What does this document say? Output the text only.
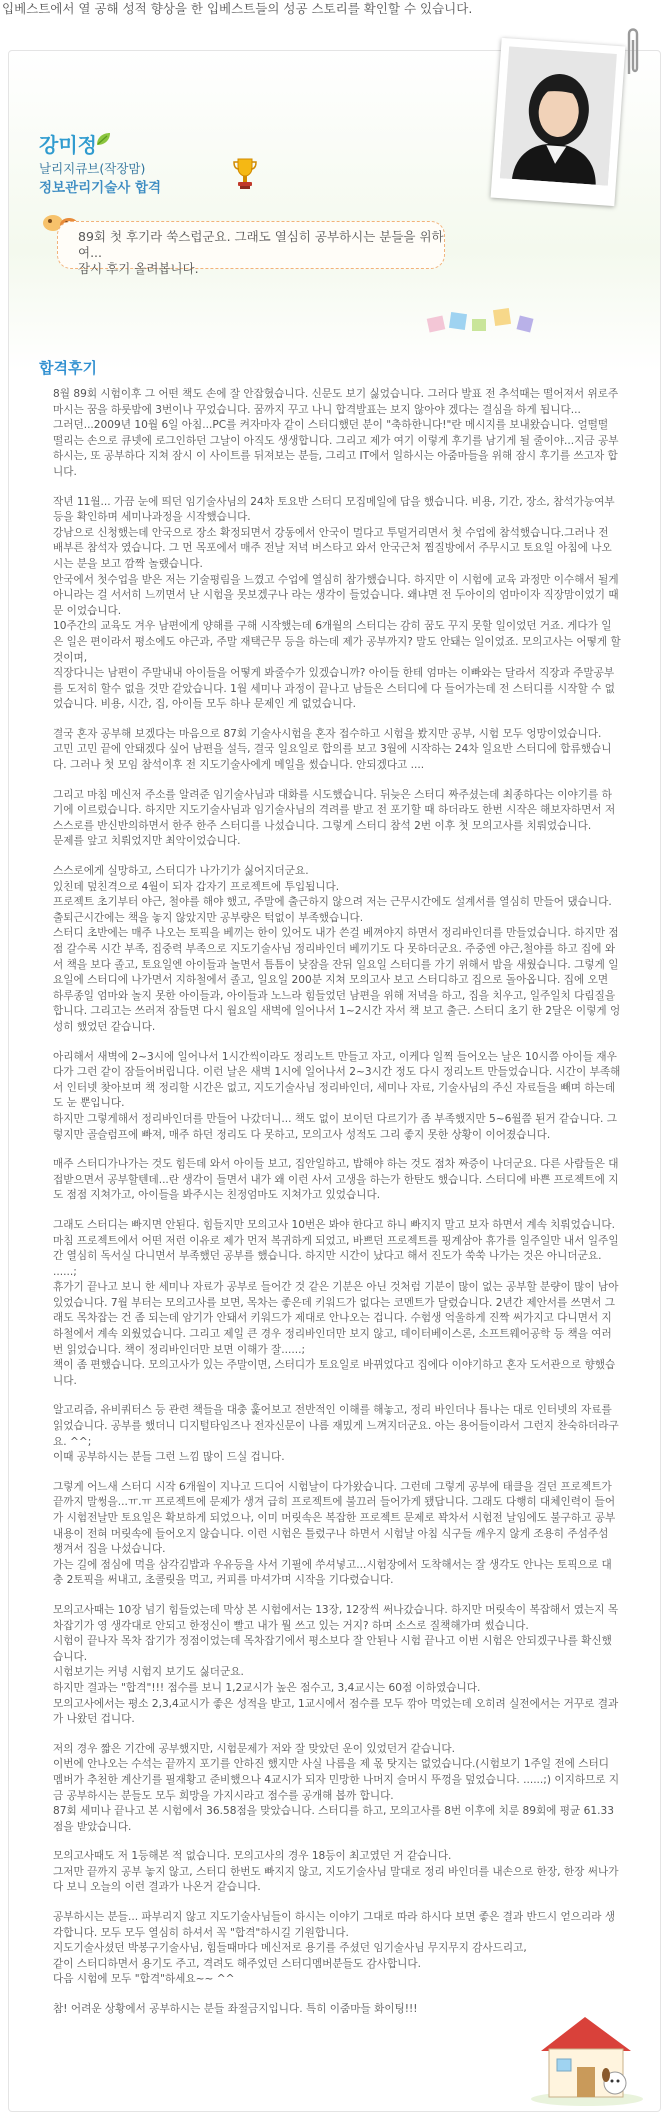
입베스트에서 열 공해 성적 향상을 한 입베스트들의 성공 스토리를 확인할 수 있습니다.
강미정
날리지큐브(작장맘)
정보관리기술사 합격
89회 첫 후기라 쑥스럽군요. 그래도 열심히 공부하시는 분들을 위하여...
잠시 후기 올려봅니다.
합격후기

8월 89회 시험이후 그 어떤 책도 손에 잘 안잡혔습니다. 신문도 보기 싫었습니다. 그러다 발표 전 추석때는 떨어져서 위로주 마시는 꿈을 하룻밤에 3번이나 꾸었습니다. 꿈까지 꾸고 나니 합격발표는 보지 않아야 겠다는 결심을 하게 됩니다...
그러던...2009년 10월 6일 아침...PC를 켜자마자 같이 스터디했던 분이 "축하한니다!"란 메시지를 보내왔습니다. 얼떨떨 떨리는 손으로 큐넷에 로그인하던 그날이 아직도 생생합니다. 그리고 제가 여기 이렇게 후기를 남기게 될 줄이야...지금 공부하시는, 또 공부하다 지쳐 잠시 이 사이트를 뒤져보는 분들, 그리고 IT에서 일하시는 아줌마들을 위해 잠시 후기를 쓰고자 합니다.

작년 11월... 가끔 눈에 띄던 임기술사님의 24차 토요반 스터디 모집메일에 답을 했습니다. 비용, 기간, 장소, 참석가능여부 등을 확인하며 세미나과정을 시작했습니다.
강남으로 신청했는데 안국으로 장소 확정되면서 강동에서 안국이 멀다고 투덜거리면서 첫 수업에 참석했습니다.그러나 전 배부른 참석자 였습니다. 그 먼 목포에서 매주 전날 저녁 버스타고 와서 안국근처 찜질방에서 주무시고 토요일 아침에 나오시는 분을 보고 깜짝 놀랬습니다.
안국에서 첫수업을 받은 저는 기술평림을 느꼈고 수업에 열심히 참가했습니다. 하지만 이 시험에 교육 과정만 이수해서 될게 아니라는 걸 서서히 느끼면서 난 시험을 못보겠구나 라는 생각이 들었습니다. 왜냐면 전 두아이의 엄마이자 직장맘이었기 때문 이었습니다.
10주간의 교육도 겨우 남편에게 양해를 구해 시작했는데 6개월의 스터디는 감히 꿈도 꾸지 못할 일이었던 거죠. 게다가 일은 일은 편이라서 평소에도 야근과, 주말 재택근무 등을 하는데 제가 공부까지? 말도 안돼는 일이었죠. 모의고사는 어떻게 할것이며,
직장다니는 남편이 주말내내 아이들을 어떻게 봐줄수가 있겠습니까? 아이들 한테 엄마는 이빠와는 달라서 직장과 주말공부를 도저히 할수 없을 것만 같았습니다. 1월 세미나 과정이 끝나고 남들은 스터디에 다 들어가는데 전 스터디를 시작할 수 없었습니다. 비용, 시간, 집, 아이들 모두 하나 문제인 게 없었습니다.

결국 혼자 공부해 보겠다는 마음으로 87회 기술사시험을 혼자 접수하고 시험을 봤지만 공부, 시험 모두 엉망이었습니다.
고민 고민 끝에 안돼겠다 싶어 남편을 설득, 결국 일요일로 합의를 보고 3월에 시작하는 24차 일요반 스터디에 합류했습니다. 그러나 첫 모임 참석이후 전 지도기술사에게 메일을 썼습니다. 안되겠다고 ....

그리고 마침 메신저 주소를 알려준 임기술사님과 대화를 시도했습니다. 뒤늦은 스터디 짜주셨는데 최종하다는 이야기를 하기에 이르렀습니다. 하지만 지도기술사님과 임기술사님의 격려를 받고 전 포기할 때 하더라도 한번 시작은 해보자하면서 저 스스로를 반신반의하면서 한주 한주 스터디를 나섰습니다. 그렇게 스터디 참석 2번 이후 첫 모의고사를 치뤄었습니다.
문제를 앞고 치뤄었지만 최악이었습니다.

스스로에게 실망하고, 스터디가 나가기가 싫어지더군요.
있친데 덮친격으로 4월이 되자 갑자기 프로젝트에 투입됩니다.
프로젝트 초기부터 야근, 철야를 해야 했고, 주말에 출근하지 않으려 저는 근무시간에도 설계서를 열심히 만들어 댔습니다.
출퇴근시간에는 책을 놓지 않았지만 공부량은 턱없이 부족했습니다.
스터디 초반에는 매주 나오는 토픽을 베끼는 한이 있어도 내가 쓴걸 베껴야지 하면서 정리바인더를 만들었습니다. 하지만 점점 갈수록 시간 부족, 집중력 부족으로 지도기술사님 정리바인더 베끼기도 다 못하더군요. 주중엔 야근,철야를 하고 집에 와서 책을 보다 졸고, 토요일엔 아이들과 놀면서 틈틈이 낮잠을 잔뒤 일요일 스터디를 가기 위해서 밤을 새웠습니다. 그렇게 일요일에 스터디에 나가면서 지하철에서 졸고, 일요일 200분 지쳐 모의고사 보고 스터디하고 집으로 돌아옵니다. 집에 오면 하루종일 엄마와 놀지 못한 아이들과, 아이들과 노느라 힘들었던 남편을 위해 저녁을 하고, 집을 치우고, 일주일치 다림질을 합니다. 그리고는 쓰러져 잠들면 다시 월요일 새벽에 일어나서 1~2시간 자서 책 보고 출근. 스터디 초기 한 2달은 이렇게 엉성히 했었던 같습니다.

아리해서 새벽에 2~3시에 일어나서 1시간씩이라도 정리노트 만들고 자고, 이케다 일찍 들어오는 날은 10시쯤 아이들 재우다가 그런 같이 잠들어버립니다. 이런 날은 새벽 1시에 일어나서 2~3시간 정도 다시 정리노트 만들었습니다. 시간이 부족해서 인터넷 찾아보며 책 정리할 시간은 없고, 지도기술사님 정리바인더, 세미나 자료, 기술사님의 주신 자료들을 빼며 하는데도 눈 뿐입니다.
하지만 그렇게해서 정리바인더를 만들어 나갔더니... 책도 없이 보이던 다르기가 좀 부족했지만 5~6월쯤 된거 같습니다. 그렇지만 골슬럼프에 빠져, 매주 하던 정리도 다 못하고, 모의고사 성적도 그리 좋지 못한 상황이 이어졌습니다.

매주 스터디가나가는 것도 힘든데 와서 아이들 보고, 집안일하고, 밥해야 하는 것도 점차 짜증이 나더군요. 다른 사람들은 대접받으면서 공부할텐데...란 생각이 들면서 내가 왜 이런 사서 고생을 하는가 한탄도 했습니다. 스터디에 바쁜 프로젝트에 지도 점점 지쳐가고, 아이들을 봐주시는 친정엄마도 지쳐가고 있었습니다.

그래도 스터디는 빠지면 안된다. 힘들지만 모의고사 10번은 봐야 한다고 하니 빠지지 말고 보자 하면서 계속 치뤄었습니다.
마침 프로젝트에서 어떤 저런 이유로 제가 먼저 복귀하게 되었고, 바쁘던 프로젝트를 핑계삼아 휴가를 일주일만 내서 일주일간 열심히 독서실 다니면서 부족했던 공부를 했습니다. 하지만 시간이 났다고 해서 진도가 쑥쑥 나가는 것은 아니더군요. ......;
휴가기 끝나고 보니 한 세미나 자료가 공부로 들어간 것 같은 기분은 아닌 것처럼 기분이 많이 없는 공부할 분량이 많이 남아 있었습니다. 7월 부터는 모의고사를 보면, 목차는 좋은데 키워드가 없다는 코멘트가 달렸습니다. 2년간 제안서를 쓰면서 그래도 목차잡는 건 좀 되는데 암기가 안돼서 키워드가 제대로 안나오는 겁니다. 수험생 억울하게 진짝 써가지고 다니면서 지하철에서 계속 외웠었습니다. 그리고 제일 큰 경우 정리바인더만 보지 않고, 데이터베이스론, 소프트웨어공학 등 책을 여러번 읽었습니다. 책이 정리바인더만 보면 이해가 잘......;
책이 좀 편했습니다. 모의고사가 있는 주말이면, 스터디가 토요일로 바뀌었다고 집에다 이야기하고 혼자 도서관으로 향했습니다.

알고리즘, 유비쿼터스 등 관련 책들을 대충 훑어보고 전반적인 이해를 해놓고, 정리 바인더나 틈나는 대로 인터넷의 자료를 읽었습니다. 공부를 했더니 디지털타임즈나 전자신문이 나름 재밌게 느껴지더군요. 아는 용어들이라서 그런지 찬숙하더라구요. ^^;
이때 공부하시는 분들 그런 느낌 많이 드실 겁니다.

그렇게 어느새 스터디 시작 6개월이 지나고 드디어 시험날이 다가왔습니다. 그런데 그렇게 공부에 태클을 걸던 프로젝트가 끝까지 말썽을...ㅠ.ㅠ 프로젝트에 문제가 생겨 급히 프로젝트에 불끄러 들어가게 됐답니다. 그래도 다행히 대체인력이 들어가 시험전날만 토요일은 확보하게 되었으나, 이미 머릿속은 복잡한 프로젝트 문제로 꽉차서 시험전 날임에도 불구하고 공부내용이 전혀 머릿속에 들어오지 않습니다. 이런 시험은 틀렸구나 하면서 시험날 아침 식구들 깨우지 않게 조용히 주섬주섬 챙겨서 집을 나섰습니다.
가는 길에 점심에 먹을 삼각김밥과 우유등을 사서 기필에 쑤셔넣고...시험장에서 도착해서는 잘 생각도 안나는 토픽으로 대충 2토픽을 써내고, 초콜릿을 먹고, 커피를 마셔가며 시작을 기다렸습니다.

모의고사때는 10장 넘기 힘들었는데 막상 본 시험에서는 13장, 12장씩 써나갔습니다. 하지만 머릿속이 복잡해서 였는지 목차잡기가 영 생각대로 안되고 한정신이 빨고 내가 뭘 쓰고 있는 거지? 하며 소스로 질책해가며 썼습니다.
시험이 끝나자 목차 잡기가 정점이었는데 목차잡기에서 평소보다 잘 안된나 시험 끝나고 이번 시험은 안되겠구나를 확신했습니다.
시험보기는 커녕 시험지 보기도 싫더군요.
하지만 결과는 "합격"!!! 점수를 보니 1,2교시가 높은 점수고, 3,4교시는 60점 이하였습니다.
모의고사에서는 평소 2,3,4교시가 좋은 성적을 받고, 1교시에서 점수를 모두 깎아 먹었는데 오히려 실전에서는 거꾸로 결과가 나왔던 겁니다.

저의 경우 짧은 기간에 공부했지만, 시험문제가 저와 잘 맞았던 운이 있었던거 같습니다.
이번에 안나오는 수석는 끝까지 포기를 안하진 했지만 사실 나름을 제 몫 탓지는 없었습니다.(시험보기 1주일 전에 스터디 멤버가 추천한 계산기를 필재황고 준비했으나 4교시가 되자 민망한 나머지 슬머시 뚜껑을 덮었습니다. ......;) 이지하므로 지금 공부하시는 분들도 모두 희망을 가지시라고 점수를 공개해 봅까 합니다.
87회 세미나 끝나고 본 시험에서 36.58점을 맞았습니다. 스터디를 하고, 모의고사를 8번 이후에 치룬 89회에 평균 61.33점을 받았습니다.

모의고사때도 저 1등해본 적 없습니다. 모의고사의 경우 18등이 최고였던 거 같습니다.
그저만 끝까지 공부 놓지 않고, 스터디 한번도 빠지지 않고, 지도기술사님 말대로 정리 바인더를 내손으로 한장, 한장 써나가다 보니 오늘의 이런 결과가 나온거 같습니다.

공부하시는 분들... 파부리지 않고 지도기술사님들이 하시는 이야기 그대로 따라 하시다 보면 좋은 결과 반드시 얻으리라 생각합니다. 모두 모두 열심히 하셔서 꼭 "합격"하시길 기원합니다.
지도기술사셨던 박봉구기술사님, 힘들때마다 메신저로 용기를 주셨던 임기술사님 무지무지 감사드리고,
같이 스터디하면서 용기도 주고, 격려도 해주었던 스터디멤버분들도 감사합니다.
다음 시험에 모두 "합격"하세요~~ ^^

참! 어려운 상황에서 공부하시는 분들 좌절금지입니다. 특히 이줌마들 화이팅!!!
